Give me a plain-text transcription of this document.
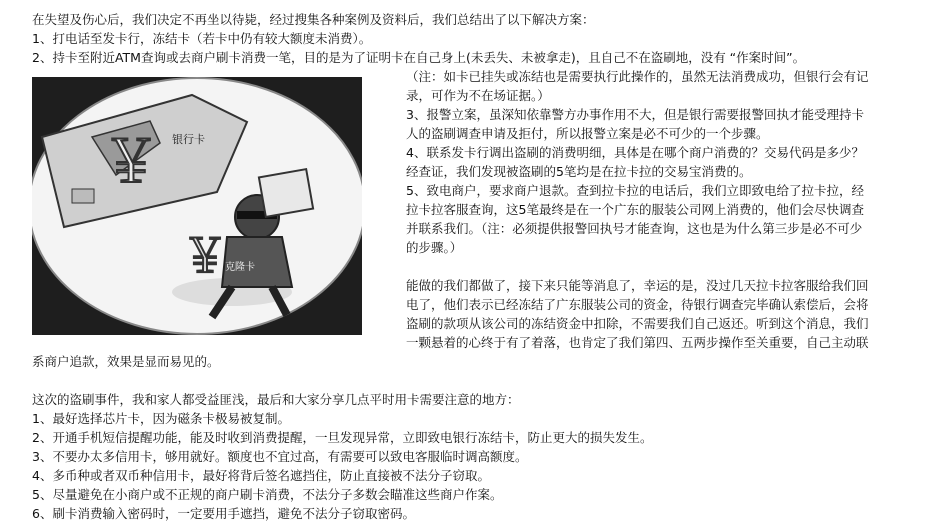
在失望及伤心后，我们决定不再坐以待毙，经过搜集各种案例及资料后，我们总结出了以下解决方案：
1、打电话至发卡行，冻结卡（若卡中仍有较大额度未消费）。
2、持卡至附近ATM查询或去商户刷卡消费一笔，目的是为了证明卡在自己身上(未丢失、未被拿走)，且自己不在盗刷地，没有 “作案时间”。
银行卡
￥
克隆卡
￥
（注：如卡已挂失或冻结也是需要执行此操作的，虽然无法消费成功，但银行会有记
录，可作为不在场证据。）
3、报警立案，虽深知依靠警方办事作用不大，但是银行需要报警回执才能受理持卡
人的盗刷调查申请及拒付，所以报警立案是必不可少的一个步骤。
4、联系发卡行调出盗刷的消费明细，具体是在哪个商户消费的？交易代码是多少？
经查证，我们发现被盗刷的5笔均是在拉卡拉的交易宝消费的。
5、致电商户，要求商户退款。查到拉卡拉的电话后，我们立即致电给了拉卡拉，经
拉卡拉客服查询，这5笔最终是在一个广东的服装公司网上消费的，他们会尽快调查
并联系我们。（注：必须提供报警回执号才能查询，这也是为什么第三步是必不可少
的步骤。）
能做的我们都做了，接下来只能等消息了，幸运的是，没过几天拉卡拉客服给我们回
电了，他们表示已经冻结了广东服装公司的资金，待银行调查完毕确认索偿后，会将
盗刷的款项从该公司的冻结资金中扣除，不需要我们自己返还。听到这个消息，我们
一颗悬着的心终于有了着落，也肯定了我们第四、五两步操作至关重要，自己主动联
系商户追款，效果是显而易见的。
这次的盗刷事件，我和家人都受益匪浅，最后和大家分享几点平时用卡需要注意的地方：
1、最好选择芯片卡，因为磁条卡极易被复制。
2、开通手机短信提醒功能，能及时收到消费提醒，一旦发现异常，立即致电银行冻结卡，防止更大的损失发生。
3、不要办太多信用卡，够用就好。额度也不宜过高，有需要可以致电客服临时调高额度。
4、多币种或者双币种信用卡，最好将背后签名遮挡住，防止直接被不法分子窃取。
5、尽量避免在小商户或不正规的商户刷卡消费，不法分子多数会瞄准这些商户作案。
6、刷卡消费输入密码时，一定要用手遮挡，避免不法分子窃取密码。
